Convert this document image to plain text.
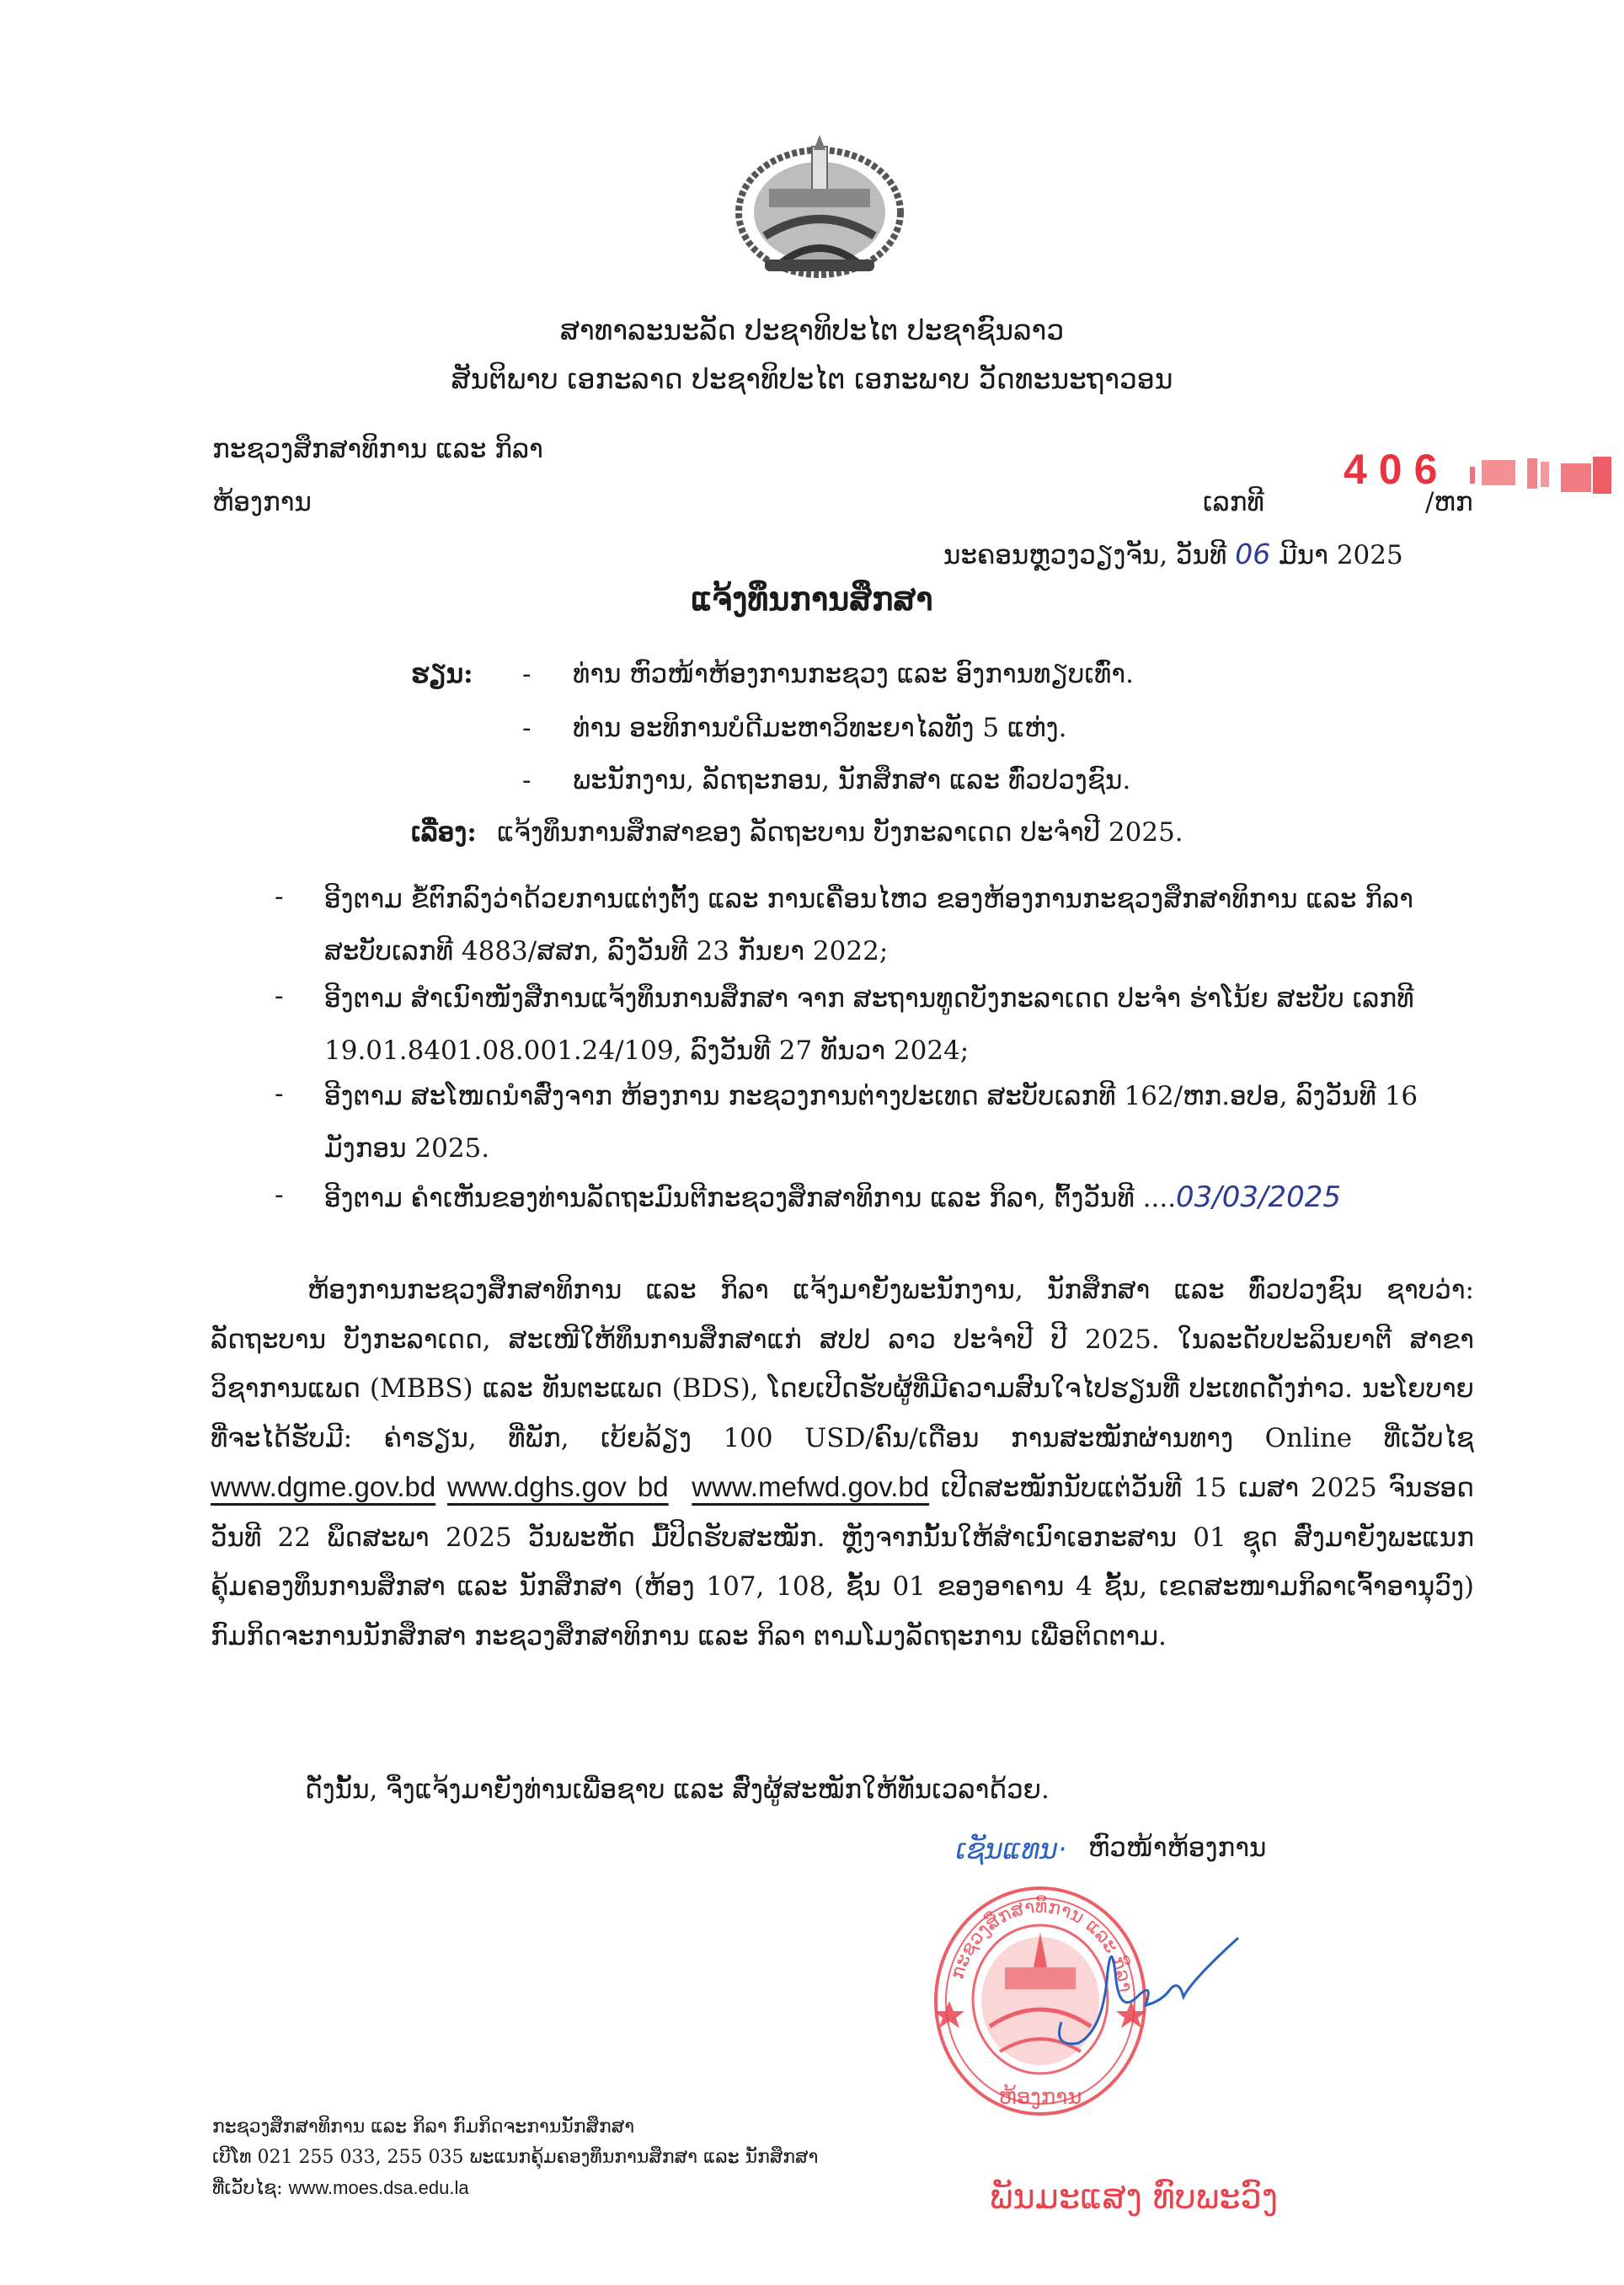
ສາທາລະນະລັດ ປະຊາທິປະໄຕ ປະຊາຊົນລາວ
ສັນຕິພາບ ເອກະລາດ ປະຊາທິປະໄຕ ເອກະພາບ ວັດທະນະຖາວອນ
ກະຊວງສຶກສາທິການ ແລະ ກິລາ
ຫ້ອງການ	ເລກທີ
406
/ຫກ
ນະຄອນຫຼວງວຽງຈັນ, ວັນທີ 06 ມີນາ 2025
ແຈ້ງທຶນການສຶກສາ
ຮຽນ: - ທ່ານ ຫົວໜ້າຫ້ອງການກະຊວງ ແລະ ອົງການທຽບເທົ່າ.
- ທ່ານ ອະທິການບໍດີມະຫາວິທະຍາໄລທັງ 5 ແຫ່ງ.
- ພະນັກງານ, ລັດຖະກອນ, ນັກສຶກສາ ແລະ ທົ່ວປວງຊົນ.
ເລື່ອງ: ແຈ້ງທຶນການສຶກສາຂອງ ລັດຖະບານ ບັງກະລາເດດ ປະຈຳປີ 2025.
- ອີງຕາມ ຂໍ້ຕົກລົງວ່າດ້ວຍການແຕ່ງຕັ້ງ ແລະ ການເຄື່ອນໄຫວ ຂອງຫ້ອງການກະຊວງສຶກສາທິການ ແລະ ກິລາສະບັບເລກທີ 4883/ສສກ, ລົງວັນທີ 23 ກັນຍາ 2022;
- ອີງຕາມ ສຳເນົາໜັງສືການແຈ້ງທຶນການສຶກສາ ຈາກ ສະຖານທູດບັງກະລາເດດ ປະຈຳ ຮ່າໂນ້ຍ ສະບັບ ເລກທີ 19.01.8401.08.001.24/109, ລົງວັນທີ 27 ທັນວາ 2024;
- ອີງຕາມ ສະໂໜດນຳສົ່ງຈາກ ຫ້ອງການ ກະຊວງການຕ່າງປະເທດ ສະບັບເລກທີ 162/ຫກ.ອປອ, ລົງວັນທີ 16 ມັງກອນ 2025.
- ອີງຕາມ ຄຳເຫັນຂອງທ່ານລັດຖະມົນຕີກະຊວງສຶກສາທິການ ແລະ ກິລາ, ຕົ້ງວັນທີ ....03/03/2025
ຫ້ອງການກະຊວງສຶກສາທິການ ແລະ ກິລາ ແຈ້ງມາຍັງພະນັກງານ, ນັກສຶກສາ ແລະ ທົ່ວປວງຊົນ ຊາບວ່າ: ລັດຖະບານ ບັງກະລາເດດ, ສະເໜີໃຫ້ທຶນການສຶກສາແກ່ ສປປ ລາວ ປະຈຳປີ ປີ 2025. ໃນລະດັບປະລິນຍາຕີ ສາຂາວິຊາການແພດ (MBBS) ແລະ ທັນຕະແພດ (BDS), ໂດຍເປີດຮັບຜູ້ທີ່ມີຄວາມສົນໃຈໄປຮຽນທີ່ ປະເທດດັ່ງກ່າວ. ນະໂຍບາຍທີ່ຈະໄດ້ຮັບມີ: ຄ່າຮຽນ, ທີ່ພັກ, ເບ້ຍລ້ຽງ 100 USD/ຄົນ/ເດືອນ ການສະໝັກຜ່ານທາງ Online ທີ່ເວັບໄຊ www.dgme.gov.bd www.dghs.gov bd www.mefwd.gov.bd ເປີດສະໝັກນັບແຕ່ວັນທີ 15 ເມສາ 2025 ຈົນຮອດ ວັນທີ 22 ພຶດສະພາ 2025 ວັນພະຫັດ ມື້ປິດຮັບສະໝັກ. ຫຼັງຈາກນັ້ນໃຫ້ສຳເນົາເອກະສານ 01 ຊຸດ ສົ່ງມາຍັງພະແນກຄຸ້ມຄອງທຶນການສຶກສາ ແລະ ນັກສຶກສາ (ຫ້ອງ 107, 108, ຊັ້ນ 01 ຂອງອາຄານ 4 ຊັ້ນ, ເຂດສະໜາມກິລາເຈົ້າອານຸວົງ) ກົມກິດຈະການນັກສຶກສາ ກະຊວງສຶກສາທິການ ແລະ ກິລາ ຕາມໂມງລັດຖະການ ເພື່ອຕິດຕາມ.
ດັ່ງນັ້ນ, ຈຶ່ງແຈ້ງມາຍັງທ່ານເພື່ອຊາບ ແລະ ສົ່ງຜູ້ສະໝັກໃຫ້ທັນເວລາດ້ວຍ.
ເຊັນແທນ· ຫົວໜ້າຫ້ອງການ
ກະຊວງສຶກສາທິການ ແລະ ກິລາ
ຫ້ອງການ
ພັນມະແສງ ທົບພະວົງ
ກະຊວງສຶກສາທິການ ແລະ ກິລາ ກົມກິດຈະການນັກສຶກສາ
ເບີໂທ 021 255 033, 255 035 ພະແນກຄຸ້ມຄອງທຶນການສຶກສາ ແລະ ນັກສຶກສາ
ທີ່ເວັບໄຊ: www.moes.dsa.edu.la
